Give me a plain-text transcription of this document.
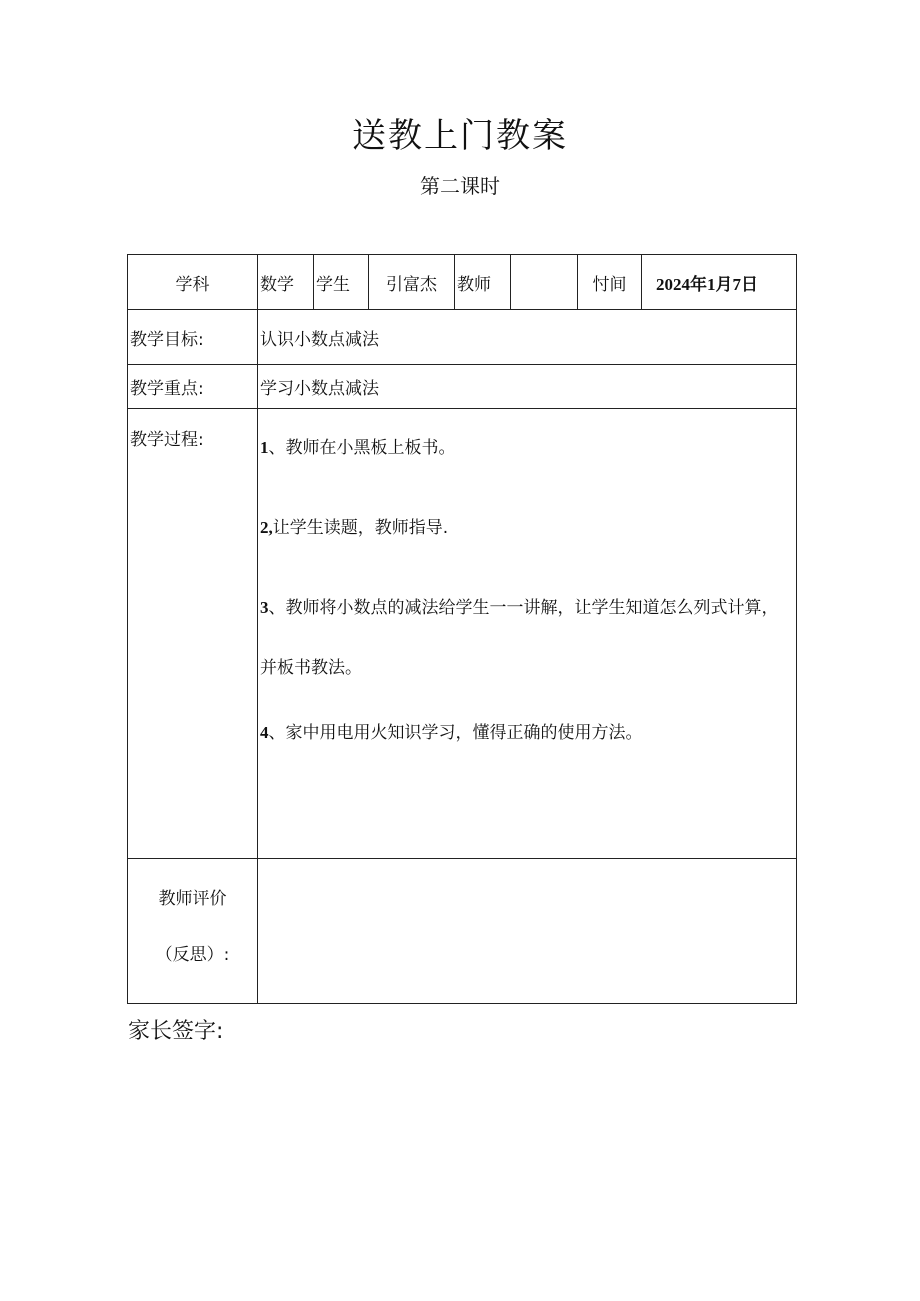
送教上门教案
第二课时
学科	数学	学生	引富杰	教师		忖间	2024年1月7日
教学目标:	认识小数点减法						
教学重点:	学习小数点减法						
教学过程:	1、教师在小黑板上板书。
2,让学生读题，教师指导.
3、教师将小数点的减法给学生一一讲解，让学生知道怎么列式计算，并板书教法。
4、家中用电用火知识学习，懂得正确的使用方法。						

教师评价
（反思）:							

家长签字:
